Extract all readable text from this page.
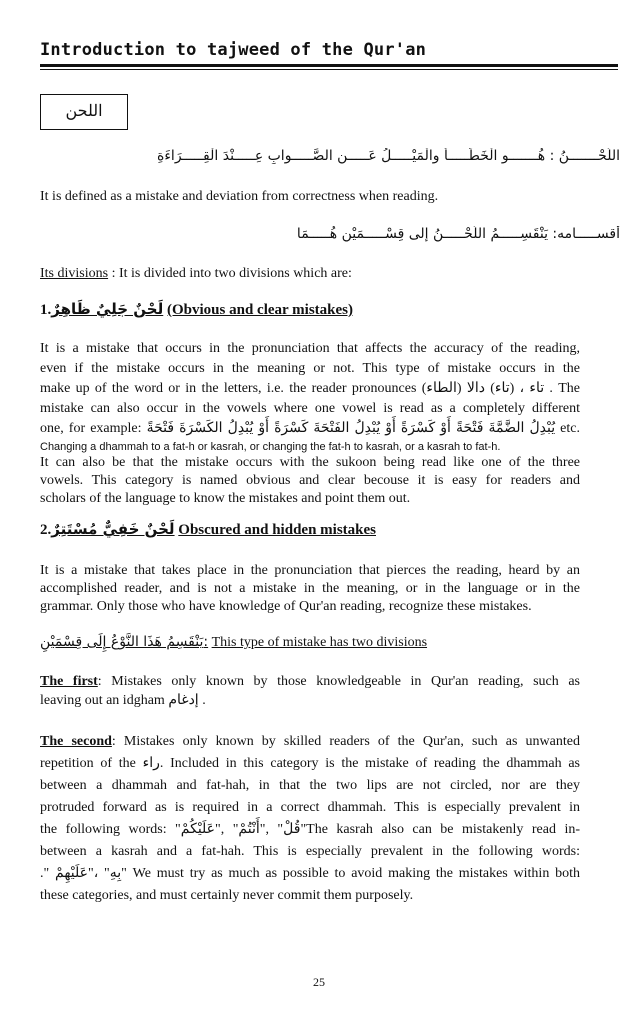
Introduction to tajweed of the Qur'an
اللحن
اللَّحْـــــــنُ : هُـــــــو الْخَطَـــــأُ والْمَيْـــــلُ عَـــــنِ الصَّـــــوابِ عِـــــنْدَ الْقِـــــرَاءَةِ
It is defined as a mistake and deviation from correctness when reading.
أقســـــامه: يَنْقَسِـــــمُ اللَّحْـــــنُ إِلى قِسْـــــمَيْنِ هُـــــمَا
Its divisions : It is divided into two divisions which are:
1.لَحْنٌ جَلِيٌ ظَاهِرٌ (Obvious and clear mistakes)
It is a mistake that occurs in the pronunciation that affects the accuracy of the reading,
even if the mistake occurs in the meaning or not. This type of mistake occurs in the
make up of the word or in the letters, i.e. the reader pronounces (الطاء) تاء ، (تاء) دالا . The
mistake can also occur in the vowels where one vowel is read as a completely different
one, for example: يُبْدِلُ الضَّمَّةَ فَتْحَةً أَوْ كَسْرَةً أَوْ يُبْدِلُ الفَتْحَةَ كَسْرَةً أَوْ يُبْدِلُ الكَسْرَةَ فَتْحَةً etc.
Changing a dhammah to a fat-h or kasrah, or changing the fat-h to kasrah, or a kasrah to fat-h.
It can also be that the mistake occurs with the sukoon being read like one of the three
vowels. This category is named obvious and clear becouse it is easy for readers and
scholars of the language to know the mistakes and point them out.
2.لَحْنٌ خَفِيٌّ مُسْتَتِرٌ Obscured and hidden mistakes
It is a mistake that takes place in the pronunciation that pierces the reading, heard by an
accomplished reader, and is not a mistake in the meaning, or in the language or in the
grammar. Only those who have knowledge of Qur'an reading, recognize these mistakes.
يَنْقَسِمُ هَذَا النَّوْعُ إِلَى قِسْمَيْنِ: This type of mistake has two divisions
The first: Mistakes only known by those knowledgeable in Qur'an reading, such as
leaving out an idgham إدغام .
The second: Mistakes only known by skilled readers of the Qur'an, such as unwanted
repetition of the راء. Included in this category is the mistake of reading the dhammah as
between a dhammah and fat-hah, in that the two lips are not circled, nor are they
protruded forward as is required in a correct dhammah. This is especially prevalent in
the following words: "قُلْ" ,"أَنْتُمْ" ,"عَلَيْكُمْ"The kasrah also can be mistakenly read in-
between a kasrah and a fat-hah. This is especially prevalent in the following words:
." بِهِ" ،"عَلَيْهِمْ" We must try as much as possible to avoid making the mistakes within both
these categories, and must certainly never commit them purposely.
25
